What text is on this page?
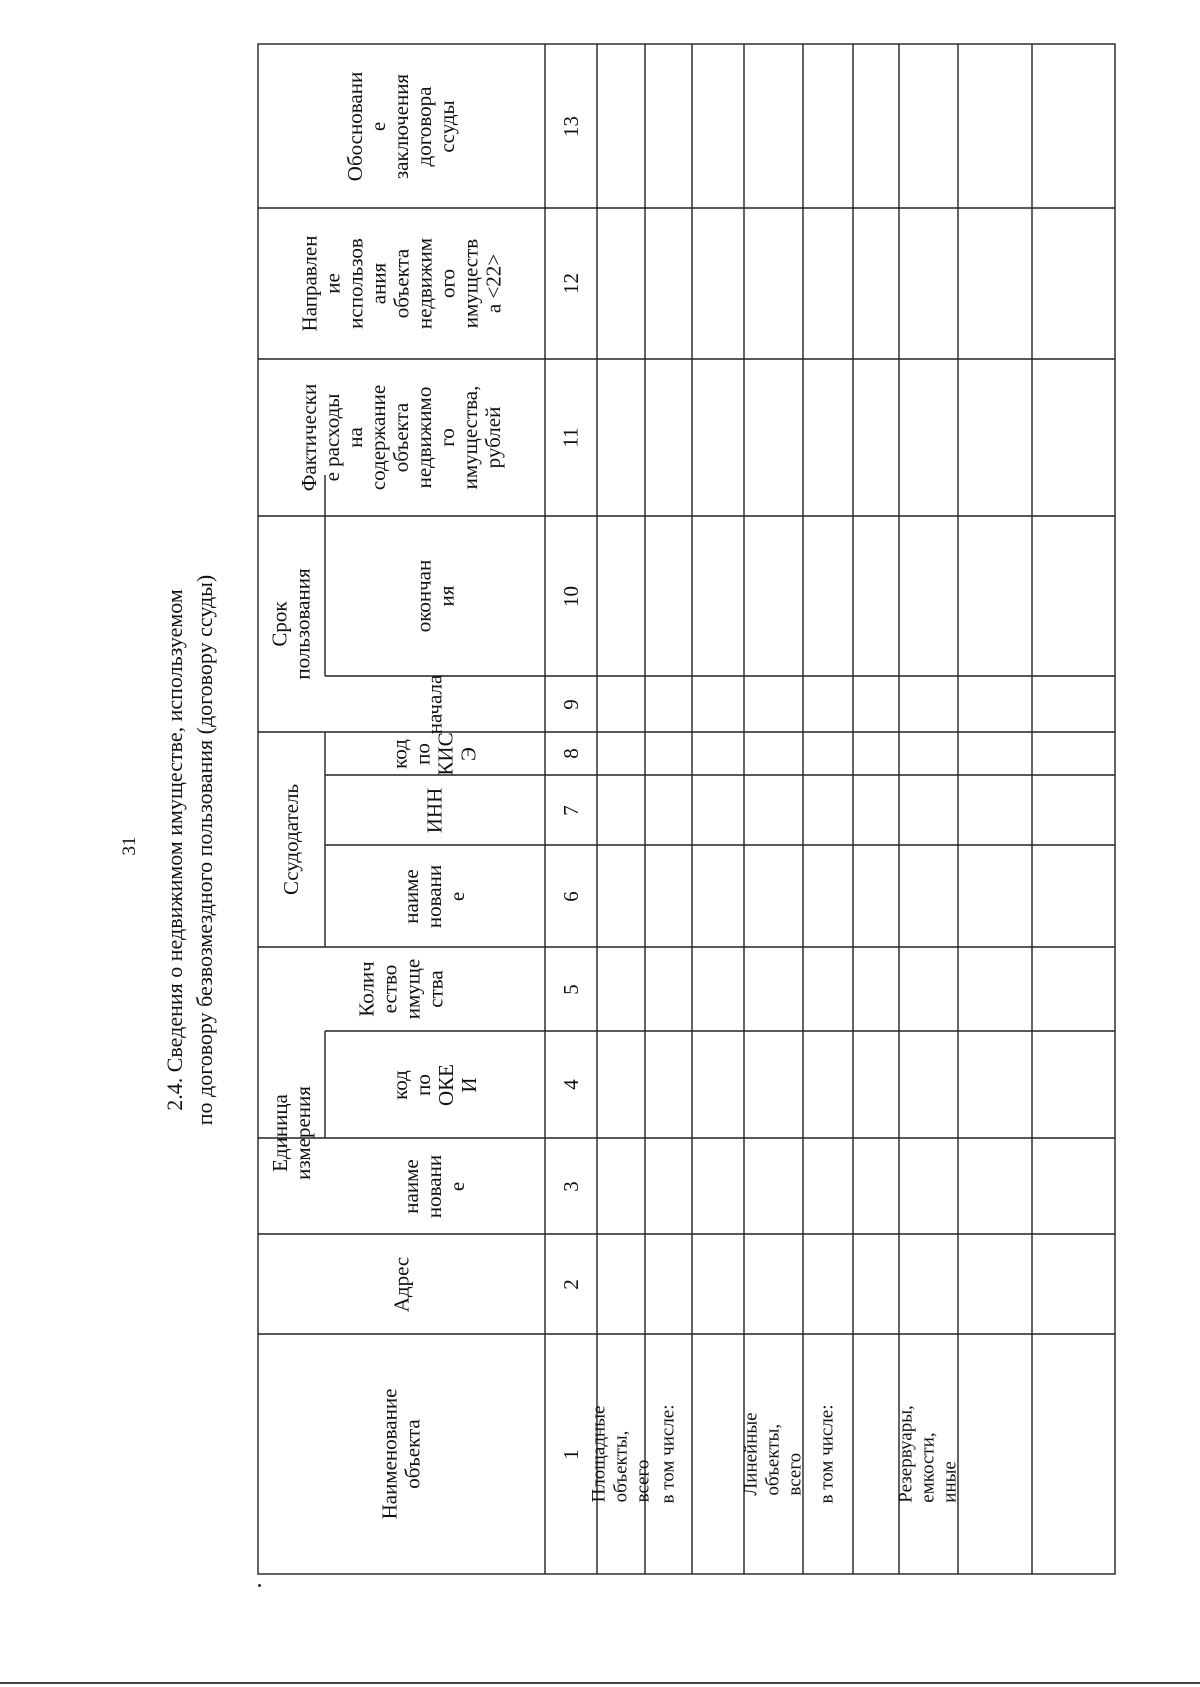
31 2.4. Сведения о недвижимом имуществе, используемом по договору безвозмездного пользования (договору ссуды)
Наименование
объекта
Адрес
Единица
измерения
наиме
новани
е
код
по
ОКЕ
И
Колич
ество
имуще
ства
Ссудодатель
наиме
новани
е
ИНН
код
по
КИС
Э
Срок
пользования
начала
окончан
ия
Фактически
е расходы
на
содержание
объекта
недвижимо
го
имущества,
рублей
Направлен
ие
использов
ания
объекта
недвижим
ого
имуществ
а <22>
Обосновани
е
заключения
договора
ссуды
1
2
3
4
5
6
7
8
9
10
11
12
13
Площадные
объекты, всего в том числе:	Линейные
объекты, всего в том числе:	Резервуары,
емкости, иные
